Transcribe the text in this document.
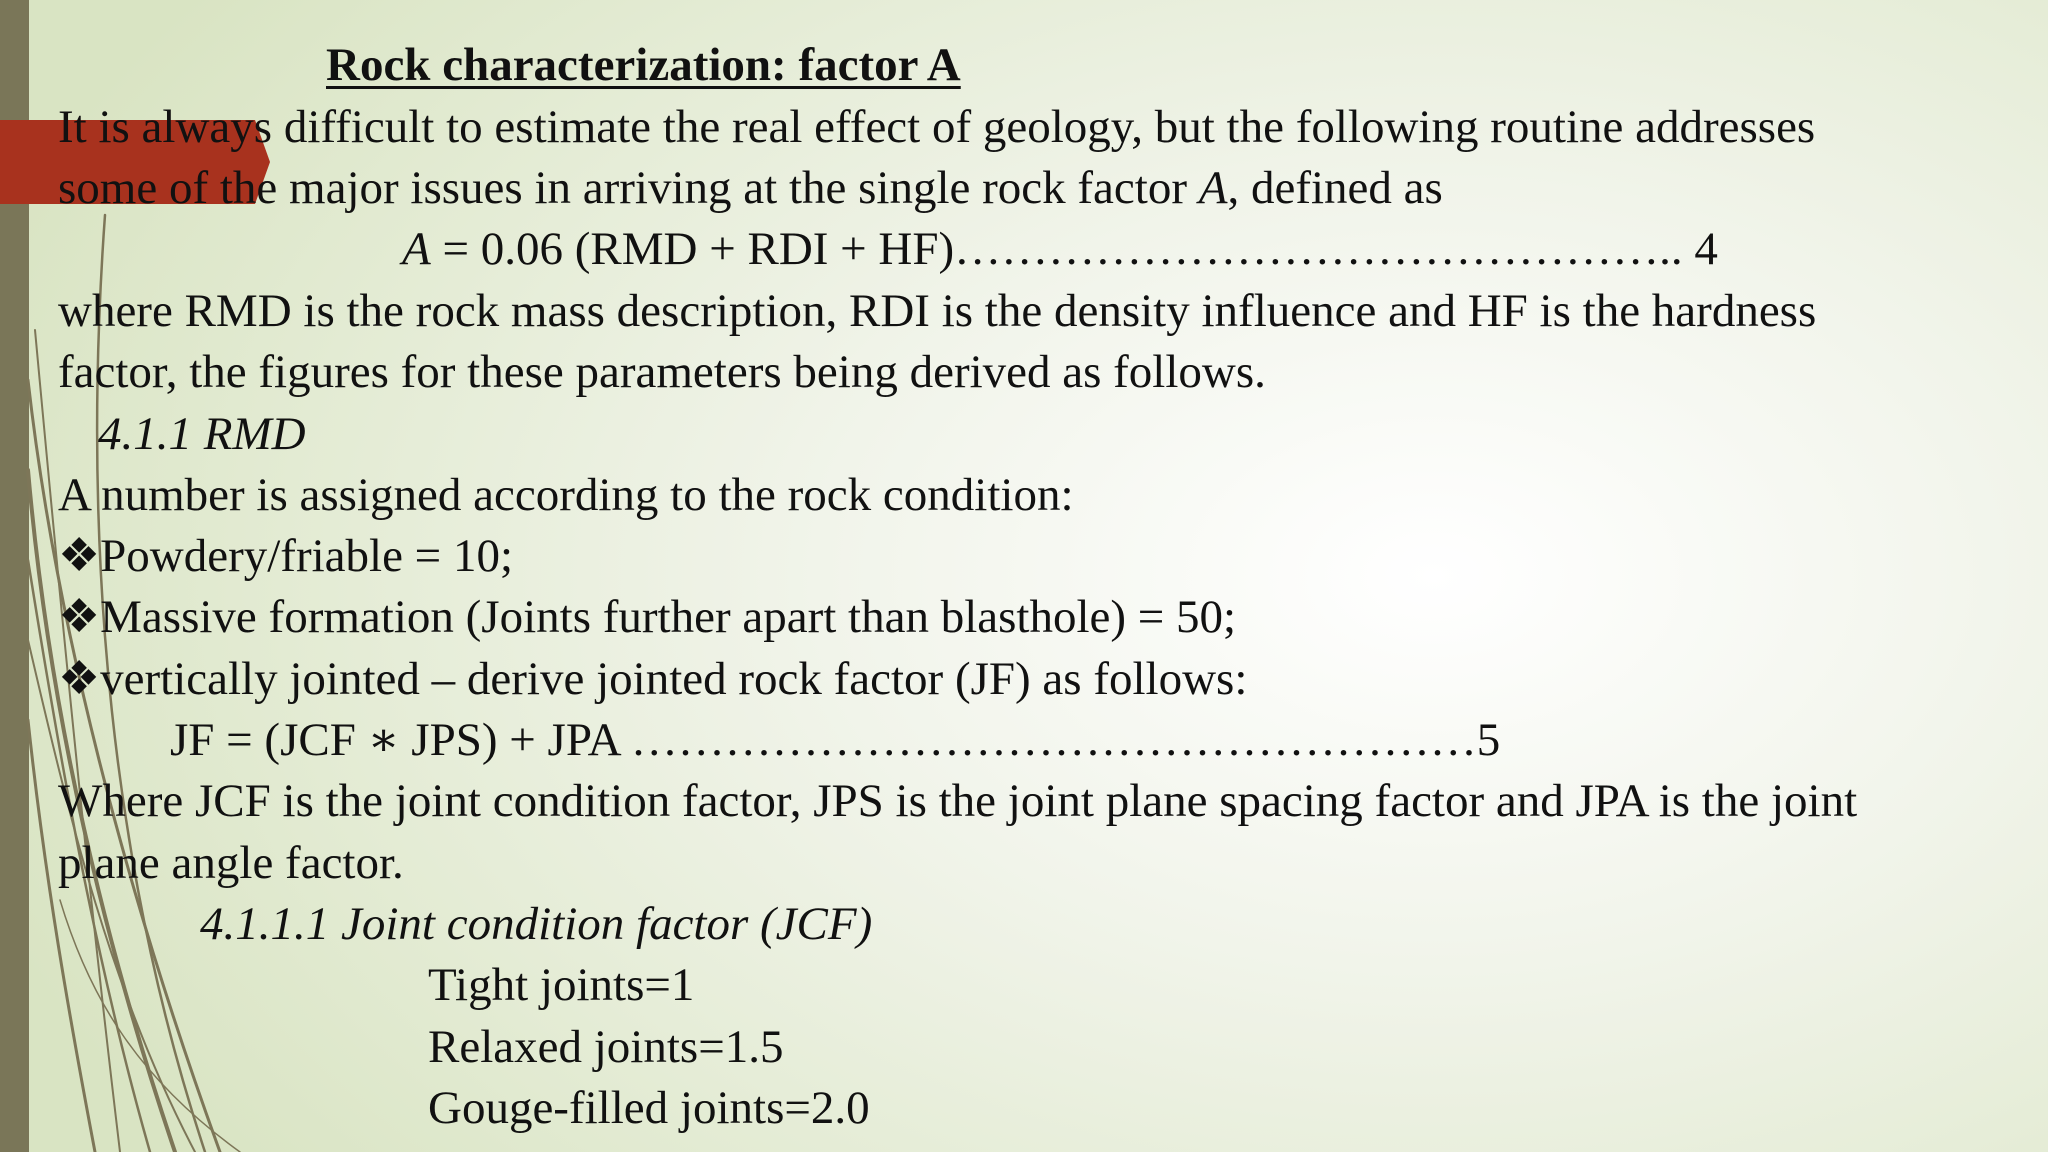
Rock characterization: factor A
It is always difficult to estimate the real effect of geology, but the following routine addresses
some of the major issues in arriving at the single rock factor A, defined as
A = 0.06 (RMD + RDI + HF)……………………………………….. 4
where RMD is the rock mass description, RDI is the density influence and HF is the hardness
factor, the figures for these parameters being derived as follows.
4.1.1 RMD
A number is assigned according to the rock condition:
❖Powdery/friable = 10;
❖Massive formation (Joints further apart than blasthole) = 50;
❖vertically jointed – derive jointed rock factor (JF) as follows:
JF = (JCF ∗ JPS) + JPA ………………………………………………5
Where JCF is the joint condition factor, JPS is the joint plane spacing factor and JPA is the joint
plane angle factor.
4.1.1.1 Joint condition factor (JCF)
Tight joints=1
Relaxed joints=1.5
Gouge-filled joints=2.0
